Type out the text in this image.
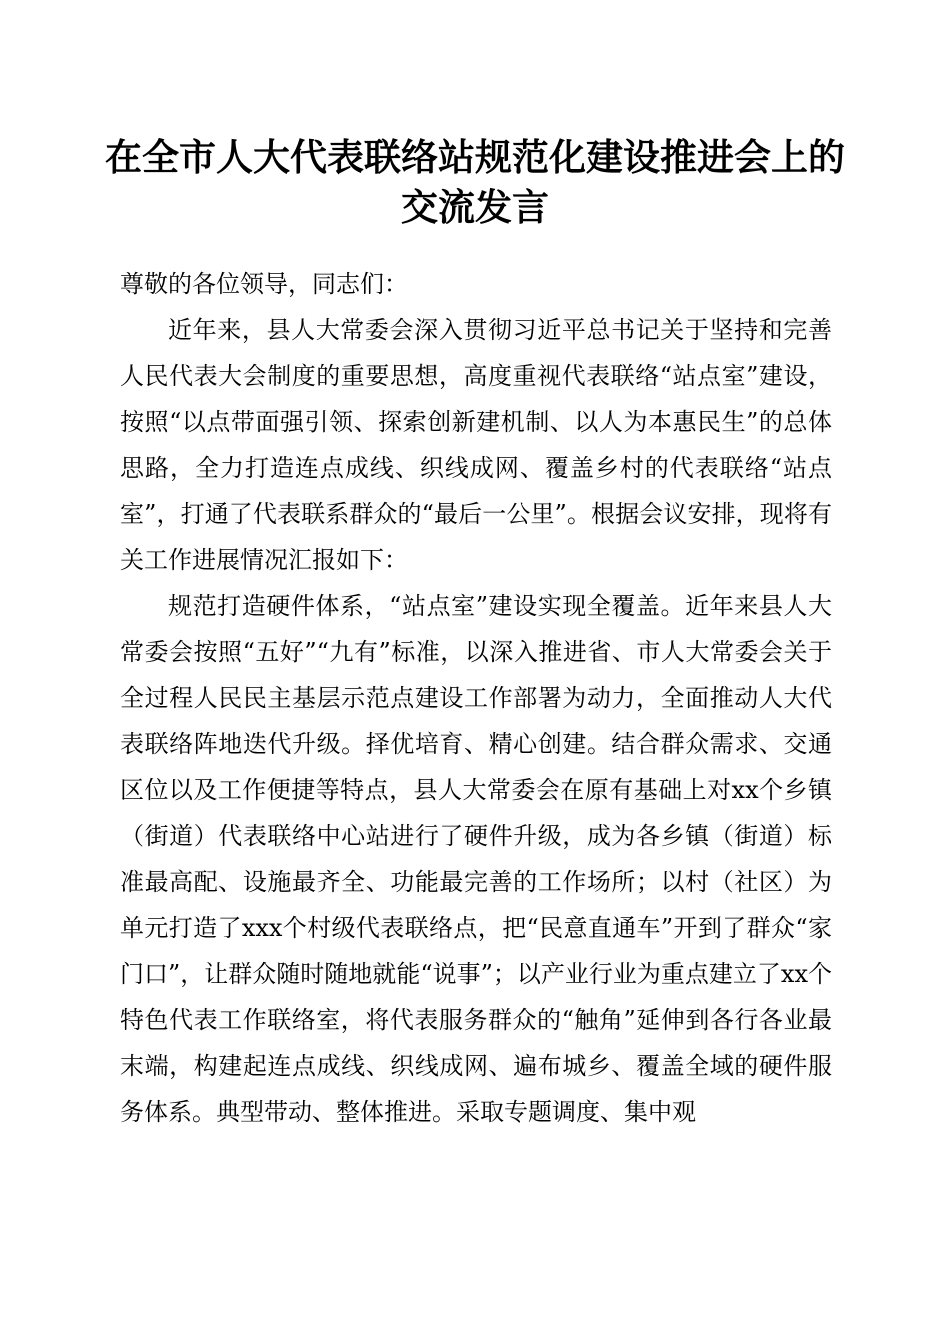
在全市人大代表联络站规范化建设推进会上的
交流发言

尊敬的各位领导，同志们：

近年来，县人大常委会深入贯彻习近平总书记关于坚持和完善人民代表大会制度的重要思想，高度重视代表联络“站点室”建设，按照“以点带面强引领、探索创新建机制、以人为本惠民生”的总体思路，全力打造连点成线、织线成网、覆盖乡村的代表联络“站点室”，打通了代表联系群众的“最后一公里”。根据会议安排，现将有关工作进展情况汇报如下：

规范打造硬件体系，“站点室”建设实现全覆盖。近年来县人大常委会按照“五好”“九有”标准，以深入推进省、市人大常委会关于全过程人民民主基层示范点建设工作部署为动力，全面推动人大代表联络阵地迭代升级。择优培育、精心创建。结合群众需求、交通区位以及工作便捷等特点，县人大常委会在原有基础上对xx个乡镇（街道）代表联络中心站进行了硬件升级，成为各乡镇（街道）标准最高配、设施最齐全、功能最完善的工作场所；以村（社区）为单元打造了xxx个村级代表联络点，把“民意直通车”开到了群众“家门口”，让群众随时随地就能“说事”；以产业行业为重点建立了xx个特色代表工作联络室，将代表服务群众的“触角”延伸到各行各业最末端，构建起连点成线、织线成网、遍布城乡、覆盖全域的硬件服务体系。典型带动、整体推进。采取专题调度、集中观
